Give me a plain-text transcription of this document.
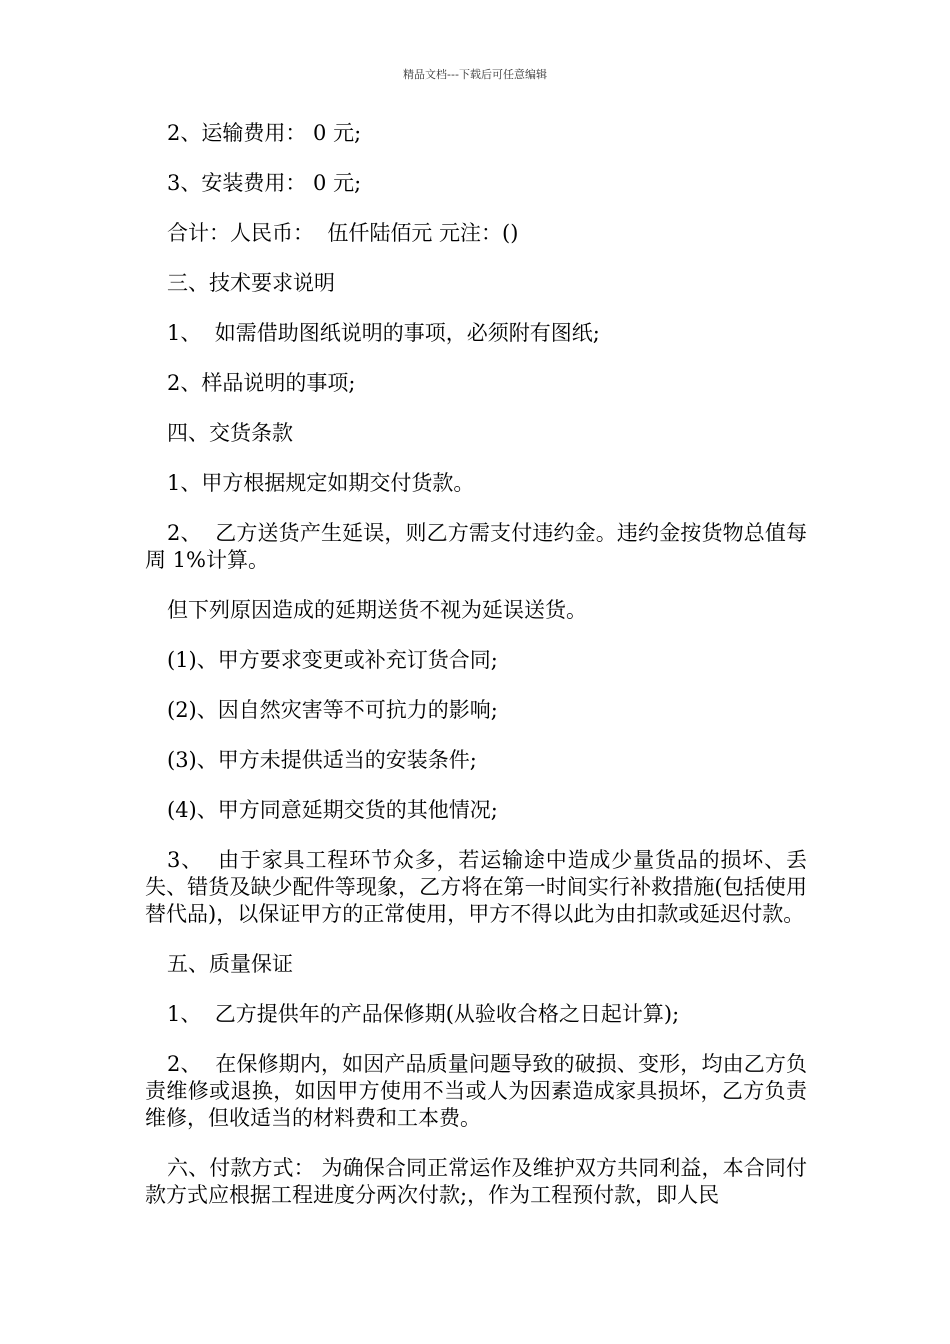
精品文档---下载后可任意编辑

2、运输费用： 0 元;

3、安装费用： 0 元;

合计：人民币：  伍仟陆佰元 元注：()

三、技术要求说明

1、  如需借助图纸说明的事项，必须附有图纸;

2、样品说明的事项;

四、交货条款

1、甲方根据规定如期交付货款。

2、  乙方送货产生延误，则乙方需支付违约金。违约金按货物总值每周 1%计算。

但下列原因造成的延期送货不视为延误送货。

(1)、甲方要求变更或补充订货合同;

(2)、因自然灾害等不可抗力的影响;

(3)、甲方未提供适当的安装条件;

(4)、甲方同意延期交货的其他情况;

3、  由于家具工程环节众多，若运输途中造成少量货品的损坏、丢失、错货及缺少配件等现象，乙方将在第一时间实行补救措施(包括使用替代品)，以保证甲方的正常使用，甲方不得以此为由扣款或延迟付款。

五、质量保证

1、  乙方提供年的产品保修期(从验收合格之日起计算);

2、  在保修期内，如因产品质量问题导致的破损、变形，均由乙方负责维修或退换，如因甲方使用不当或人为因素造成家具损坏，乙方负责维修，但收适当的材料费和工本费。

六、付款方式： 为确保合同正常运作及维护双方共同利益，本合同付款方式应根据工程进度分两次付款;，作为工程预付款，即人民
